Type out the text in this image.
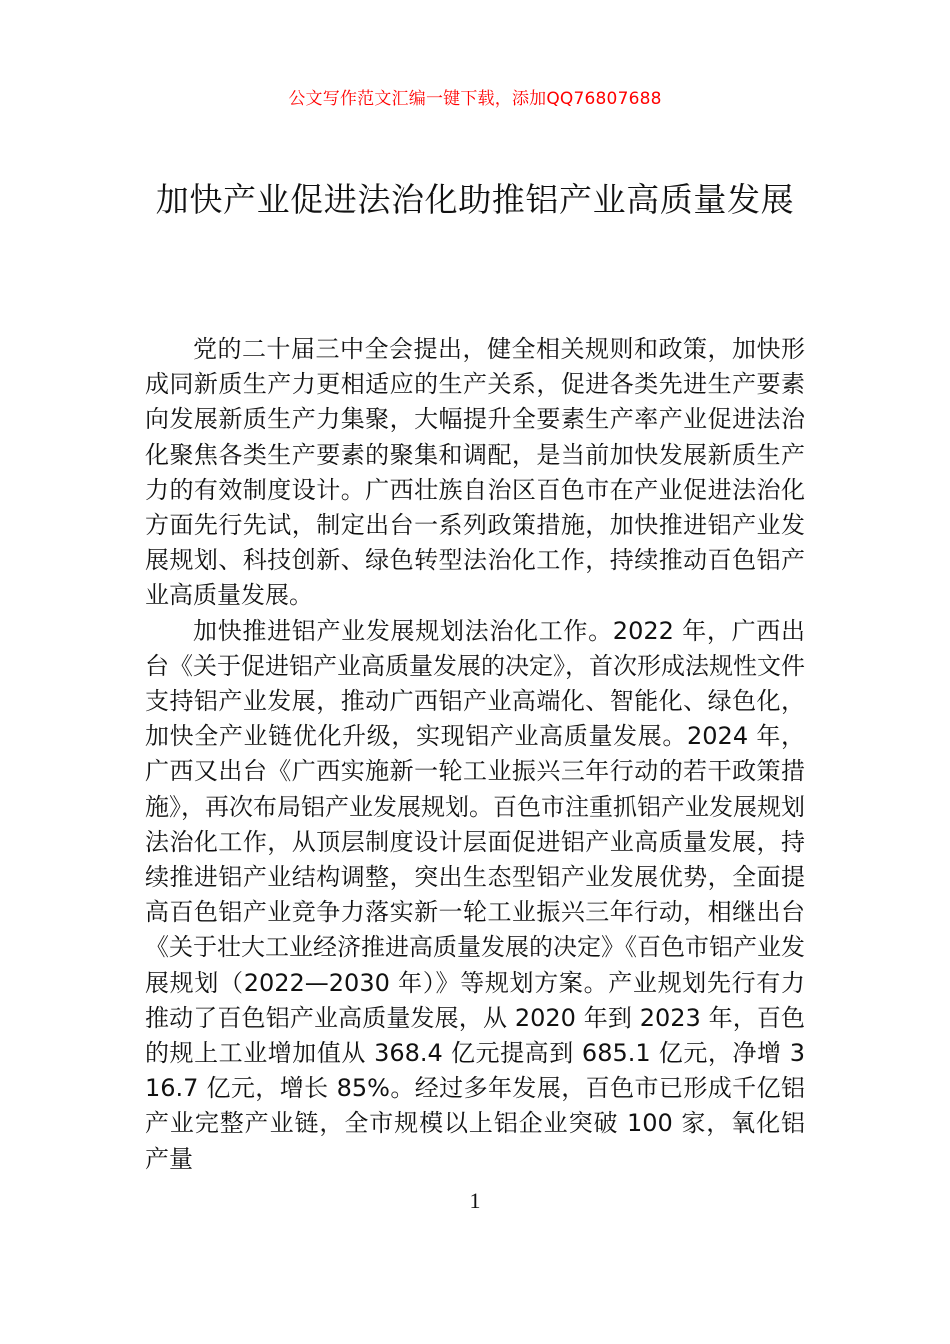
公文写作范文汇编一键下载，添加QQ76807688
加快产业促进法治化助推铝产业高质量发展

党的二十届三中全会提出，健全相关规则和政策，加快形成同新质生产力更相适应的生产关系，促进各类先进生产要素向发展新质生产力集聚，大幅提升全要素生产率产业促进法治化聚焦各类生产要素的聚集和调配，是当前加快发展新质生产力的有效制度设计。广西壮族自治区百色市在产业促进法治化方面先行先试，制定出台一系列政策措施，加快推进铝产业发展规划、科技创新、绿色转型法治化工作，持续推动百色铝产业高质量发展。

加快推进铝产业发展规划法治化工作。2022 年，广西出台《关于促进铝产业高质量发展的决定》，首次形成法规性文件支持铝产业发展，推动广西铝产业高端化、智能化、绿色化，加快全产业链优化升级，实现铝产业高质量发展。2024 年，广西又出台《广西实施新一轮工业振兴三年行动的若干政策措施》，再次布局铝产业发展规划。百色市注重抓铝产业发展规划法治化工作，从顶层制度设计层面促进铝产业高质量发展，持续推进铝产业结构调整，突出生态型铝产业发展优势，全面提高百色铝产业竞争力落实新一轮工业振兴三年行动，相继出台《关于壮大工业经济推进高质量发展的决定》《百色市铝产业发展规划（2022—2030 年）》等规划方案。产业规划先行有力推动了百色铝产业高质量发展，从 2020 年到 2023 年，百色的规上工业增加值从 368.4 亿元提高到 685.1 亿元，净增 316.7 亿元，增长 85%。经过多年发展，百色市已形成千亿铝产业完整产业链，全市规模以上铝企业突破 100 家，氧化铝产量

1
